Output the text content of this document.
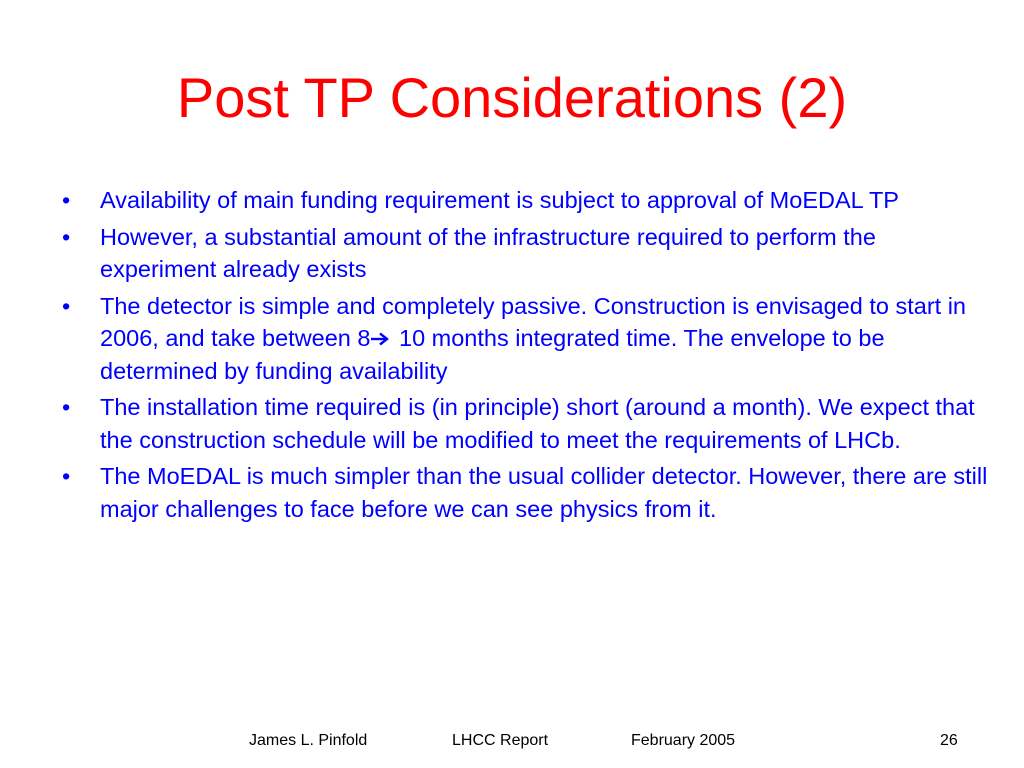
Post TP Considerations (2)
• Availability of main funding requirement is subject to approval of MoEDAL TP
• However, a substantial amount of the infrastructure required to perform the experiment already exists
• The detector is simple and completely passive. Construction is envisaged to start in 2006, and take between 8 10 months integrated time. The envelope to be determined by funding availability
• The installation time required is (in principle) short (around a month). We expect that the construction schedule will be modified to meet the requirements of LHCb.
• The MoEDAL is much simpler than the usual collider detector. However, there are still major challenges to face before we can see physics from it.
James L. Pinfold	LHCC Report	February 2005	26
